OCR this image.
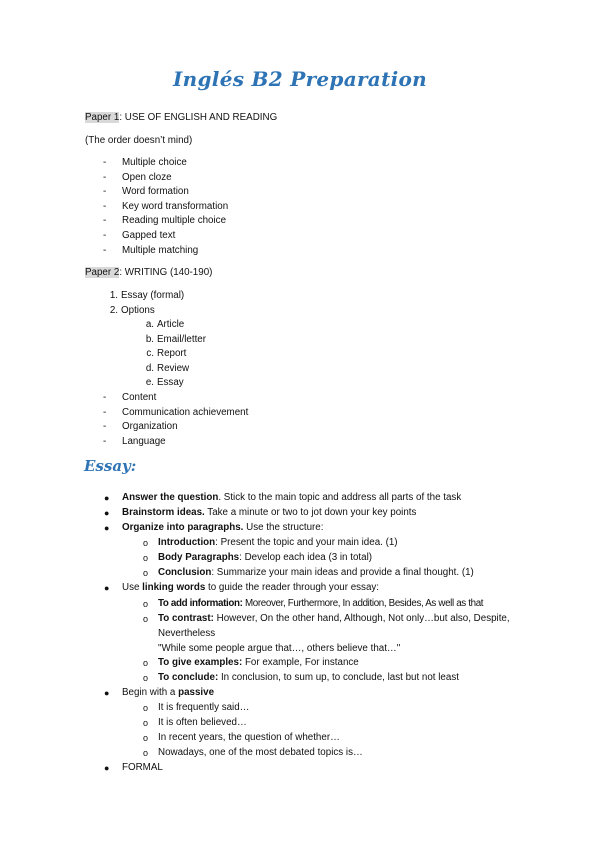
Inglés B2 Preparation
Paper 1: USE OF ENGLISH AND READING
(The order doesn’t mind)
-	Multiple choice
-	Open cloze
-	Word formation
-	Key word transformation
-	Reading multiple choice
-	Gapped text
-	Multiple matching
Paper 2: WRITING (140-190)
1. Essay (formal)
2. Options
a. Article
b. Email/letter
c. Report
d. Review
e. Essay
-	Content
-	Communication achievement
-	Organization
-	Language
Essay:
● Answer the question. Stick to the main topic and address all parts of the task
● Brainstorm ideas. Take a minute or two to jot down your key points
● Organize into paragraphs. Use the structure:
o Introduction: Present the topic and your main idea. (1)
o Body Paragraphs: Develop each idea (3 in total)
o Conclusion: Summarize your main ideas and provide a final thought. (1)
● Use linking words to guide the reader through your essay:
o To add information: Moreover, Furthermore, In addition, Besides, As well as that
o To contrast: However, On the other hand, Although, Not only…but also, Despite,
Nevertheless
"While some people argue that…, others believe that…"
o To give examples: For example, For instance
o To conclude: In conclusion, to sum up, to conclude, last but not least
● Begin with a passive
o It is frequently said…
o It is often believed…
o In recent years, the question of whether…
o Nowadays, one of the most debated topics is…
● FORMAL
